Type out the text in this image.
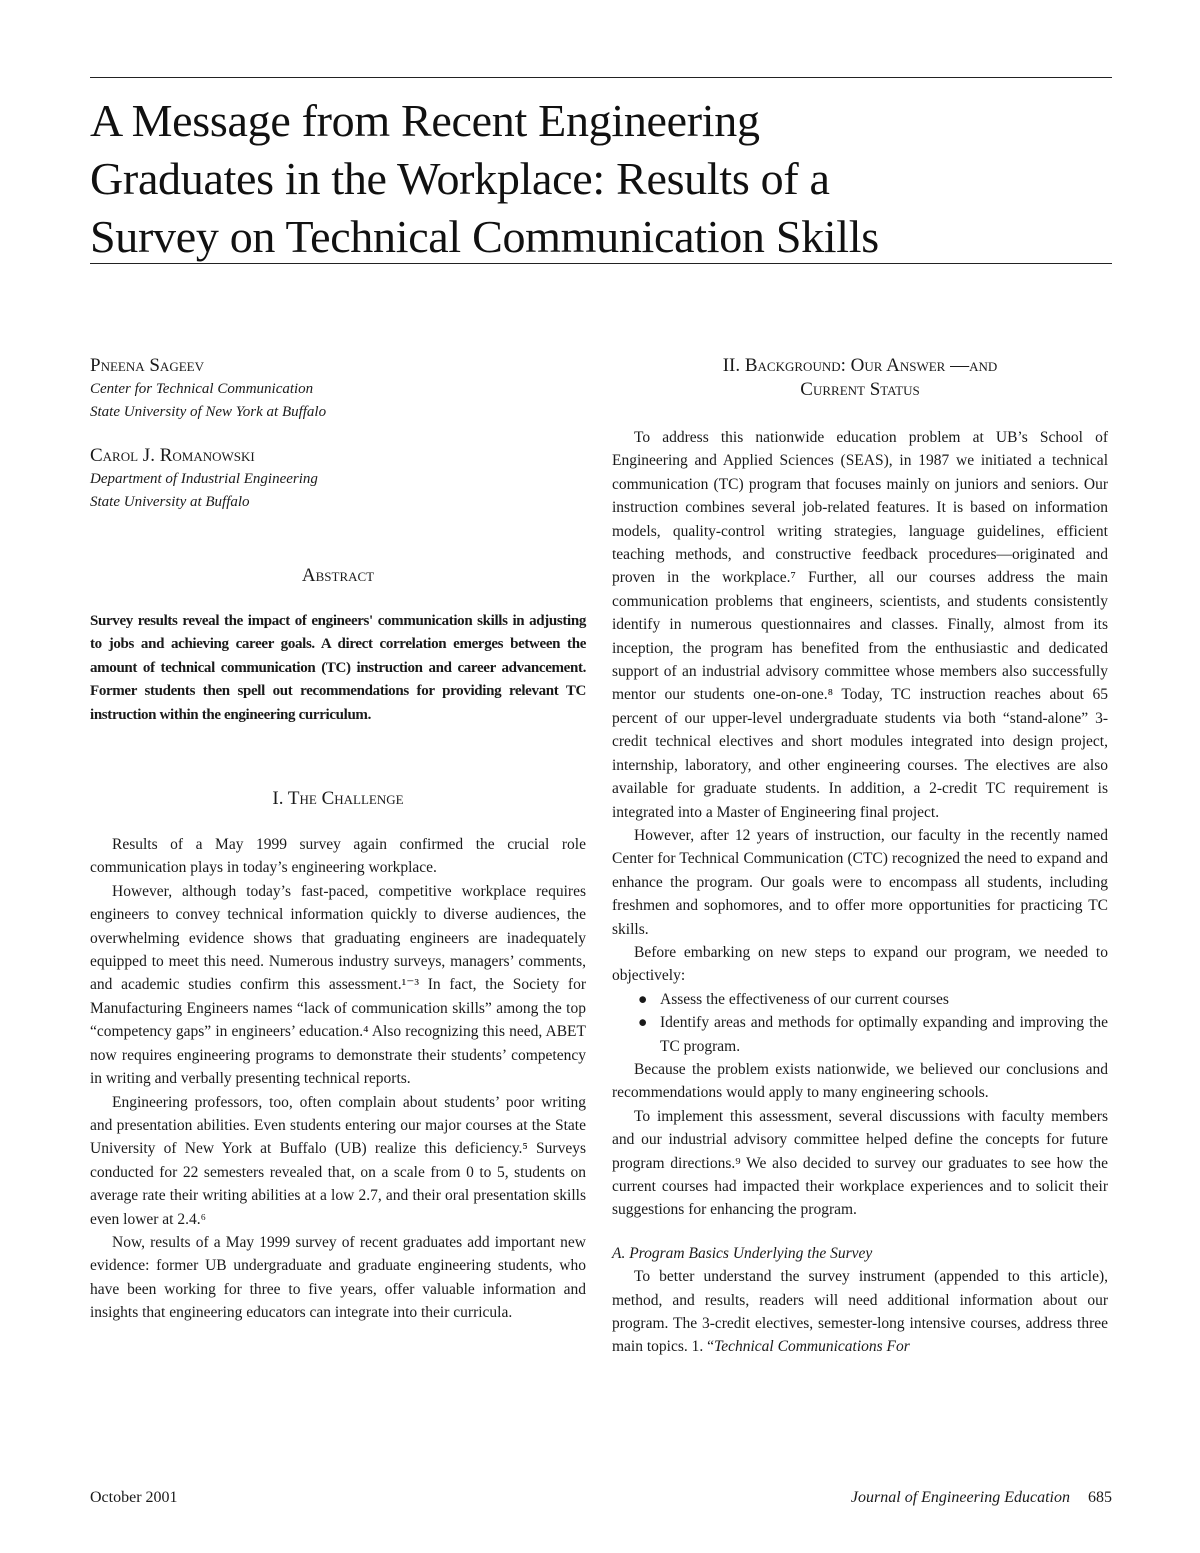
A Message from Recent Engineering
Graduates in the Workplace: Results of a
Survey on Technical Communication Skills

Pneena Sageev

Center for Technical Communication

State University of New York at Buffalo

Carol J. Romanowski

Department of Industrial Engineering

State University at Buffalo

Abstract

Survey results reveal the impact of engineers' communication skills in adjusting to jobs and achieving career goals. A direct correlation emerges between the amount of technical communication (TC) instruction and career advancement. Former students then spell out recommendations for providing relevant TC instruction within the engineering curriculum.

I. The Challenge

Results of a May 1999 survey again confirmed the crucial role communication plays in today’s engineering workplace.

However, although today’s fast-paced, competitive workplace requires engineers to convey technical information quickly to diverse audiences, the overwhelming evidence shows that graduating engineers are inadequately equipped to meet this need. Numerous industry surveys, managers’ comments, and academic studies confirm this assessment.¹⁻³ In fact, the Society for Manufacturing Engineers names “lack of communication skills” among the top “competency gaps” in engineers’ education.⁴ Also recognizing this need, ABET now requires engineering programs to demonstrate their students’ competency in writing and verbally presenting technical reports.

Engineering professors, too, often complain about students’ poor writing and presentation abilities. Even students entering our major courses at the State University of New York at Buffalo (UB) realize this deficiency.⁵ Surveys conducted for 22 semesters revealed that, on a scale from 0 to 5, students on average rate their writing abilities at a low 2.7, and their oral presentation skills even lower at 2.4.⁶

Now, results of a May 1999 survey of recent graduates add important new evidence: former UB undergraduate and graduate engineering students, who have been working for three to five years, offer valuable information and insights that engineering educators can integrate into their curricula.

II. Background: Our Answer —and
Current Status

To address this nationwide education problem at UB’s School of Engineering and Applied Sciences (SEAS), in 1987 we initiated a technical communication (TC) program that focuses mainly on juniors and seniors. Our instruction combines several job-related features. It is based on information models, quality-control writing strategies, language guidelines, efficient teaching methods, and constructive feedback procedures—originated and proven in the workplace.⁷ Further, all our courses address the main communication problems that engineers, scientists, and students consistently identify in numerous questionnaires and classes. Finally, almost from its inception, the program has benefited from the enthusiastic and dedicated support of an industrial advisory committee whose members also successfully mentor our students one-on-one.⁸ Today, TC instruction reaches about 65 percent of our upper-level undergraduate students via both “stand-alone” 3-credit technical electives and short modules integrated into design project, internship, laboratory, and other engineering courses. The electives are also available for graduate students. In addition, a 2-credit TC requirement is integrated into a Master of Engineering final project.

However, after 12 years of instruction, our faculty in the recently named Center for Technical Communication (CTC) recognized the need to expand and enhance the program. Our goals were to encompass all students, including freshmen and sophomores, and to offer more opportunities for practicing TC skills.

Before embarking on new steps to expand our program, we needed to objectively:

● Assess the effectiveness of our current courses
● Identify areas and methods for optimally expanding and improving the TC program.

Because the problem exists nationwide, we believed our conclusions and recommendations would apply to many engineering schools.

To implement this assessment, several discussions with faculty members and our industrial advisory committee helped define the concepts for future program directions.⁹ We also decided to survey our graduates to see how the current courses had impacted their workplace experiences and to solicit their suggestions for enhancing the program.

A. Program Basics Underlying the Survey

To better understand the survey instrument (appended to this article), method, and results, readers will need additional information about our program. The 3-credit electives, semester-long intensive courses, address three main topics. 1. “Technical Communications For

October 2001	Journal of Engineering Education 685
